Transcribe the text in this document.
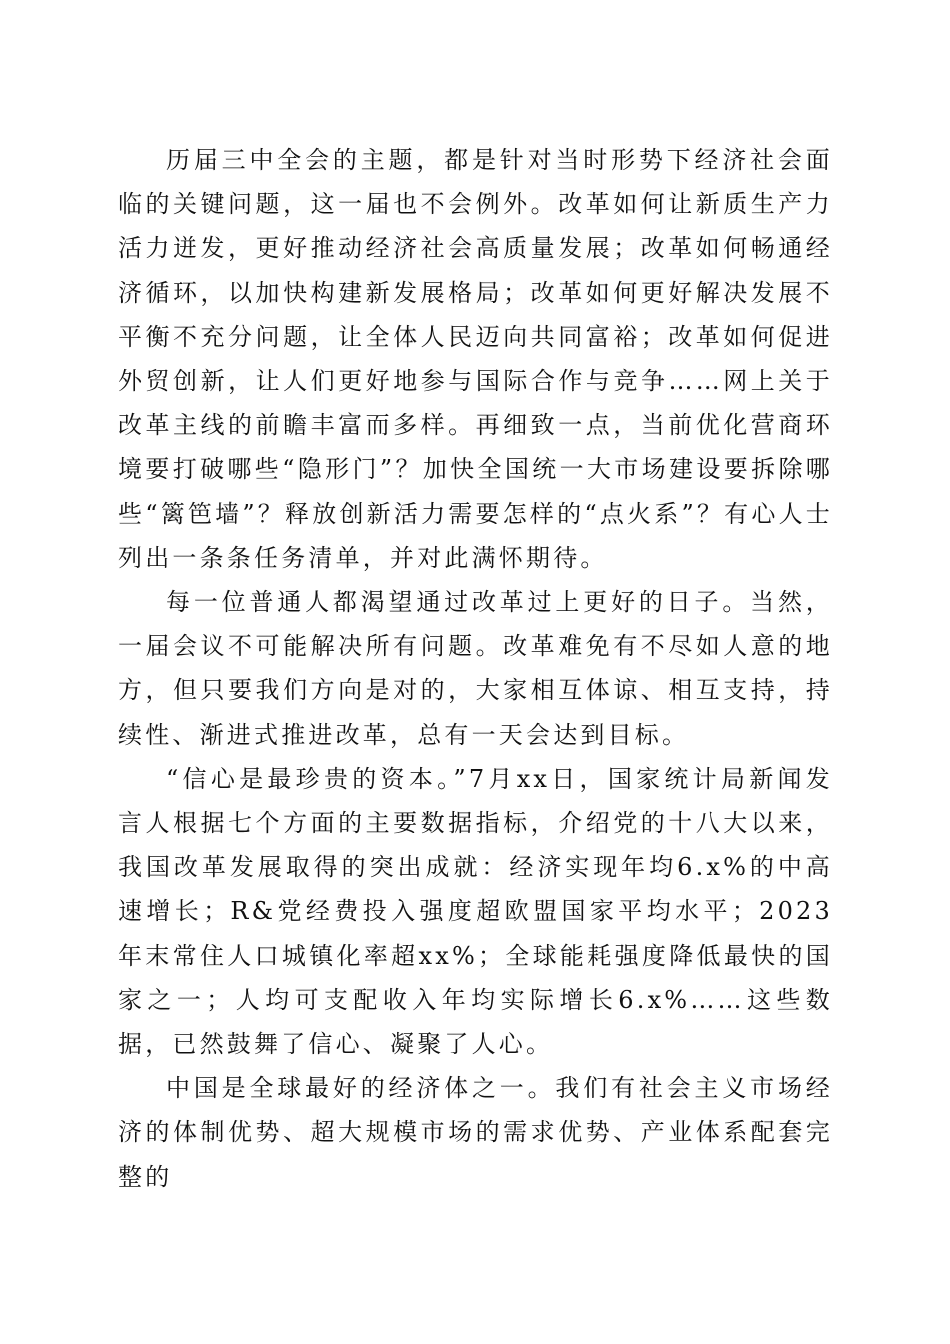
历届三中全会的主题，都是针对当时形势下经济社会面临的关键问题，这一届也不会例外。改革如何让新质生产力活力迸发，更好推动经济社会高质量发展；改革如何畅通经济循环，以加快构建新发展格局；改革如何更好解决发展不平衡不充分问题，让全体人民迈向共同富裕；改革如何促进外贸创新，让人们更好地参与国际合作与竞争……网上关于改革主线的前瞻丰富而多样。再细致一点，当前优化营商环境要打破哪些“隐形门”？加快全国统一大市场建设要拆除哪些“篱笆墙”？释放创新活力需要怎样的“点火系”？有心人士列出一条条任务清单，并对此满怀期待。

每一位普通人都渴望通过改革过上更好的日子。当然，一届会议不可能解决所有问题。改革难免有不尽如人意的地方，但只要我们方向是对的，大家相互体谅、相互支持，持续性、渐进式推进改革，总有一天会达到目标。

“信心是最珍贵的资本。”7月xx日，国家统计局新闻发言人根据七个方面的主要数据指标，介绍党的十八大以来，我国改革发展取得的突出成就：经济实现年均6.x%的中高速增长；R&党经费投入强度超欧盟国家平均水平；2023年末常住人口城镇化率超xx%；全球能耗强度降低最快的国家之一；人均可支配收入年均实际增长6.x%……这些数据，已然鼓舞了信心、凝聚了人心。

中国是全球最好的经济体之一。我们有社会主义市场经济的体制优势、超大规模市场的需求优势、产业体系配套完整的
